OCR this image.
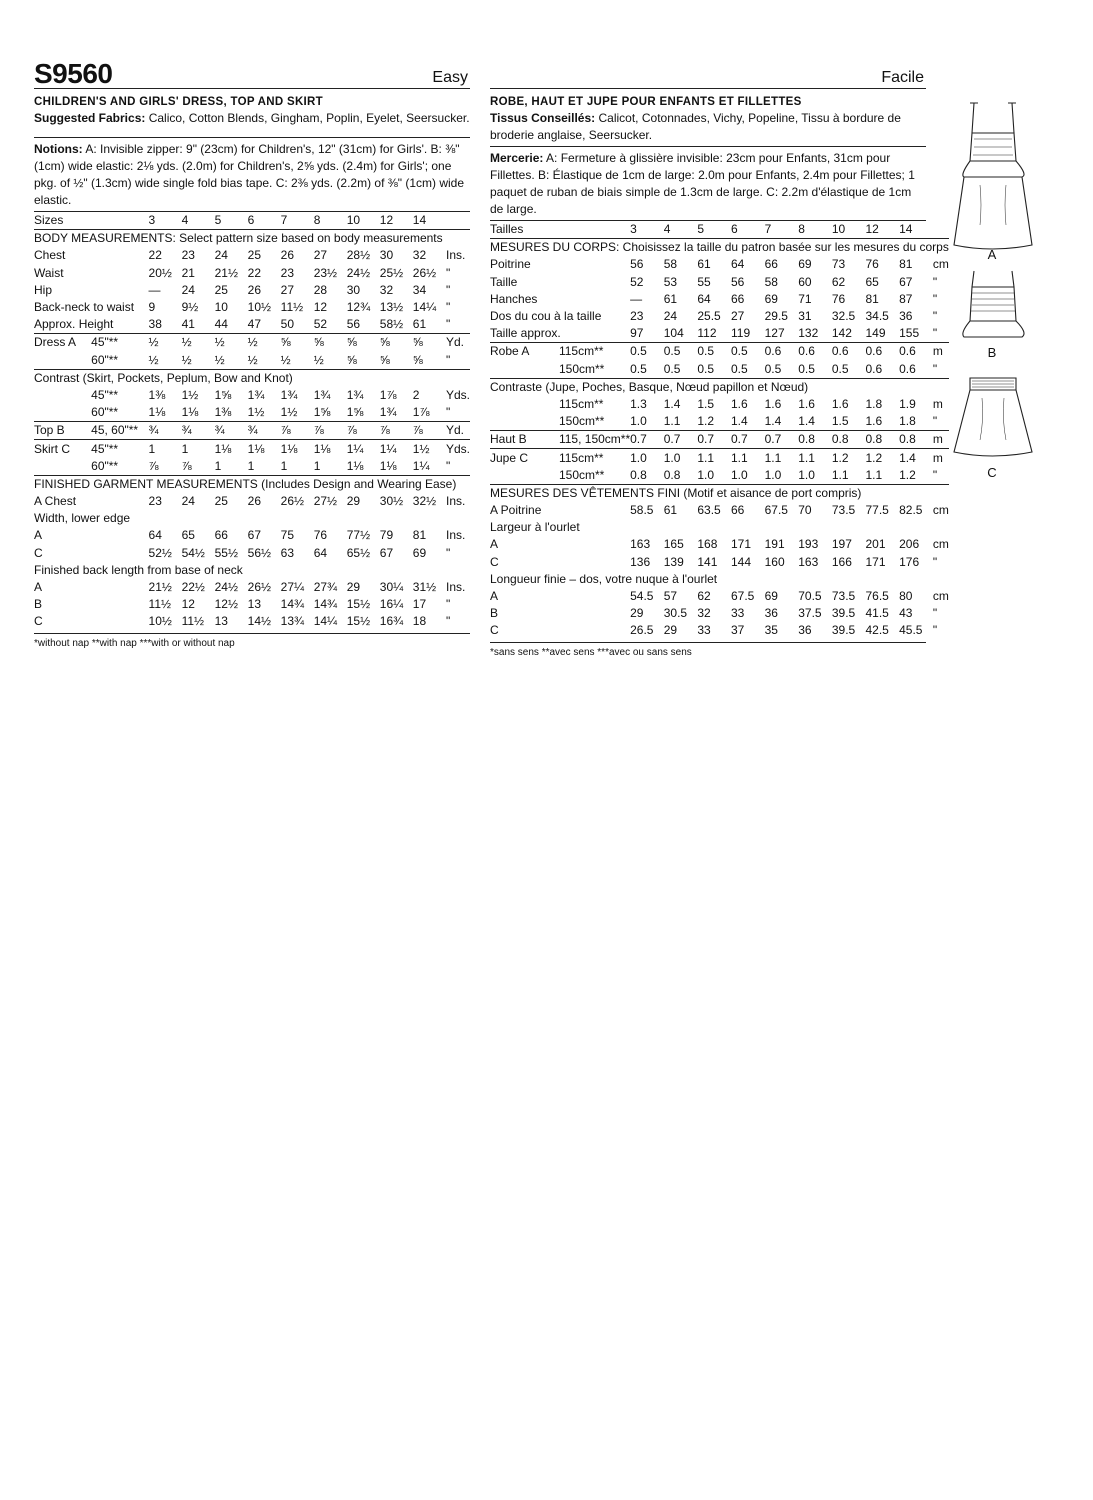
S9560	Easy
CHILDREN'S AND GIRLS' DRESS, TOP AND SKIRT
Suggested Fabrics: Calico, Cotton Blends, Gingham, Poplin, Eyelet, Seersucker.
Notions: A: Invisible zipper: 9" (23cm) for Children's, 12" (31cm) for Girls'. B: ⅜" (1cm) wide elastic: 2⅛ yds. (2.0m) for Children's, 2⅝ yds. (2.4m) for Girls'; one pkg. of ½" (1.3cm) wide single fold bias tape. C: 2⅜ yds. (2.2m) of ⅜" (1cm) wide elastic.
Sizes		3	4	5	6	7	8	10	12	14	
BODY MEASUREMENTS: Select pattern size based on body measurements											
Chest		22	23	24	25	26	27	28½	30	32	Ins.
Waist		20½	21	21½	22	23	23½	24½	25½	26½	"
Hip		—	24	25	26	27	28	30	32	34	"
Back-neck to waist		9	9½	10	10½	11½	12	12¾	13½	14¼	"
Approx. Height		38	41	44	47	50	52	56	58½	61	"
Dress A	45"**	½	½	½	½	⅝	⅝	⅝	⅝	⅝	Yd.
	60"**	½	½	½	½	½	½	⅝	⅝	⅝	"
Contrast (Skirt, Pockets, Peplum, Bow and Knot)											
	45"**	1⅜	1½	1⅝	1¾	1¾	1¾	1¾	1⅞	2	Yds.
	60"**	1⅛	1⅛	1⅜	1½	1½	1⅝	1⅝	1¾	1⅞	"
Top B	45, 60"**	¾	¾	¾	¾	⅞	⅞	⅞	⅞	⅞	Yd.
Skirt C	45"**	1	1	1⅛	1⅛	1⅛	1⅛	1¼	1¼	1½	Yds.
	60"**	⅞	⅞	1	1	1	1	1⅛	1⅛	1¼	"
FINISHED GARMENT MEASUREMENTS (Includes Design and Wearing Ease)											
A Chest		23	24	25	26	26½	27½	29	30½	32½	Ins.
Width, lower edge											
A		64	65	66	67	75	76	77½	79	81	Ins.
C		52½	54½	55½	56½	63	64	65½	67	69	"
Finished back length from base of neck											
A		21½	22½	24½	26½	27¼	27¾	29	30¼	31½	Ins.
B		11½	12	12½	13	14¾	14¾	15½	16¼	17	"
C		10½	11½	13	14½	13¾	14¼	15½	16¾	18	"
*without nap **with nap ***with or without nap
Facile
ROBE, HAUT ET JUPE POUR ENFANTS ET FILLETTES
Tissus Conseillés: Calicot, Cotonnades, Vichy, Popeline, Tissu à bordure de broderie anglaise, Seersucker.
Mercerie: A: Fermeture à glissière invisible: 23cm pour Enfants, 31cm pour Fillettes. B: Élastique de 1cm de large: 2.0m pour Enfants, 2.4m pour Fillettes; 1 paquet de ruban de biais simple de 1.3cm de large. C: 2.2m d'élastique de 1cm de large.
Tailles		3	4	5	6	7	8	10	12	14	
MESURES DU CORPS: Choisissez la taille du patron basée sur les mesures du corps											
Poitrine		56	58	61	64	66	69	73	76	81	cm
Taille		52	53	55	56	58	60	62	65	67	"
Hanches		—	61	64	66	69	71	76	81	87	"
Dos du cou à la taille		23	24	25.5	27	29.5	31	32.5	34.5	36	"
Taille approx.		97	104	112	119	127	132	142	149	155	"
Robe A	115cm**	0.5	0.5	0.5	0.5	0.6	0.6	0.6	0.6	0.6	m
	150cm**	0.5	0.5	0.5	0.5	0.5	0.5	0.5	0.6	0.6	"
Contraste (Jupe, Poches, Basque, Nœud papillon et Nœud)											
	115cm**	1.3	1.4	1.5	1.6	1.6	1.6	1.6	1.8	1.9	m
	150cm**	1.0	1.1	1.2	1.4	1.4	1.4	1.5	1.6	1.8	"
Haut B	115, 150cm**	0.7	0.7	0.7	0.7	0.7	0.8	0.8	0.8	0.8	m
Jupe C	115cm**	1.0	1.0	1.1	1.1	1.1	1.1	1.2	1.2	1.4	m
	150cm**	0.8	0.8	1.0	1.0	1.0	1.0	1.1	1.1	1.2	"
MESURES DES VÊTEMENTS FINI (Motif et aisance de port compris)											
A Poitrine		58.5	61	63.5	66	67.5	70	73.5	77.5	82.5	cm
Largeur à l'ourlet											
A		163	165	168	171	191	193	197	201	206	cm
C		136	139	141	144	160	163	166	171	176	"
Longueur finie – dos, votre nuque à l'ourlet											
A		54.5	57	62	67.5	69	70.5	73.5	76.5	80	cm
B		29	30.5	32	33	36	37.5	39.5	41.5	43	"
C		26.5	29	33	37	35	36	39.5	42.5	45.5	"
*sans sens **avec sens ***avec ou sans sens
A
B
C
